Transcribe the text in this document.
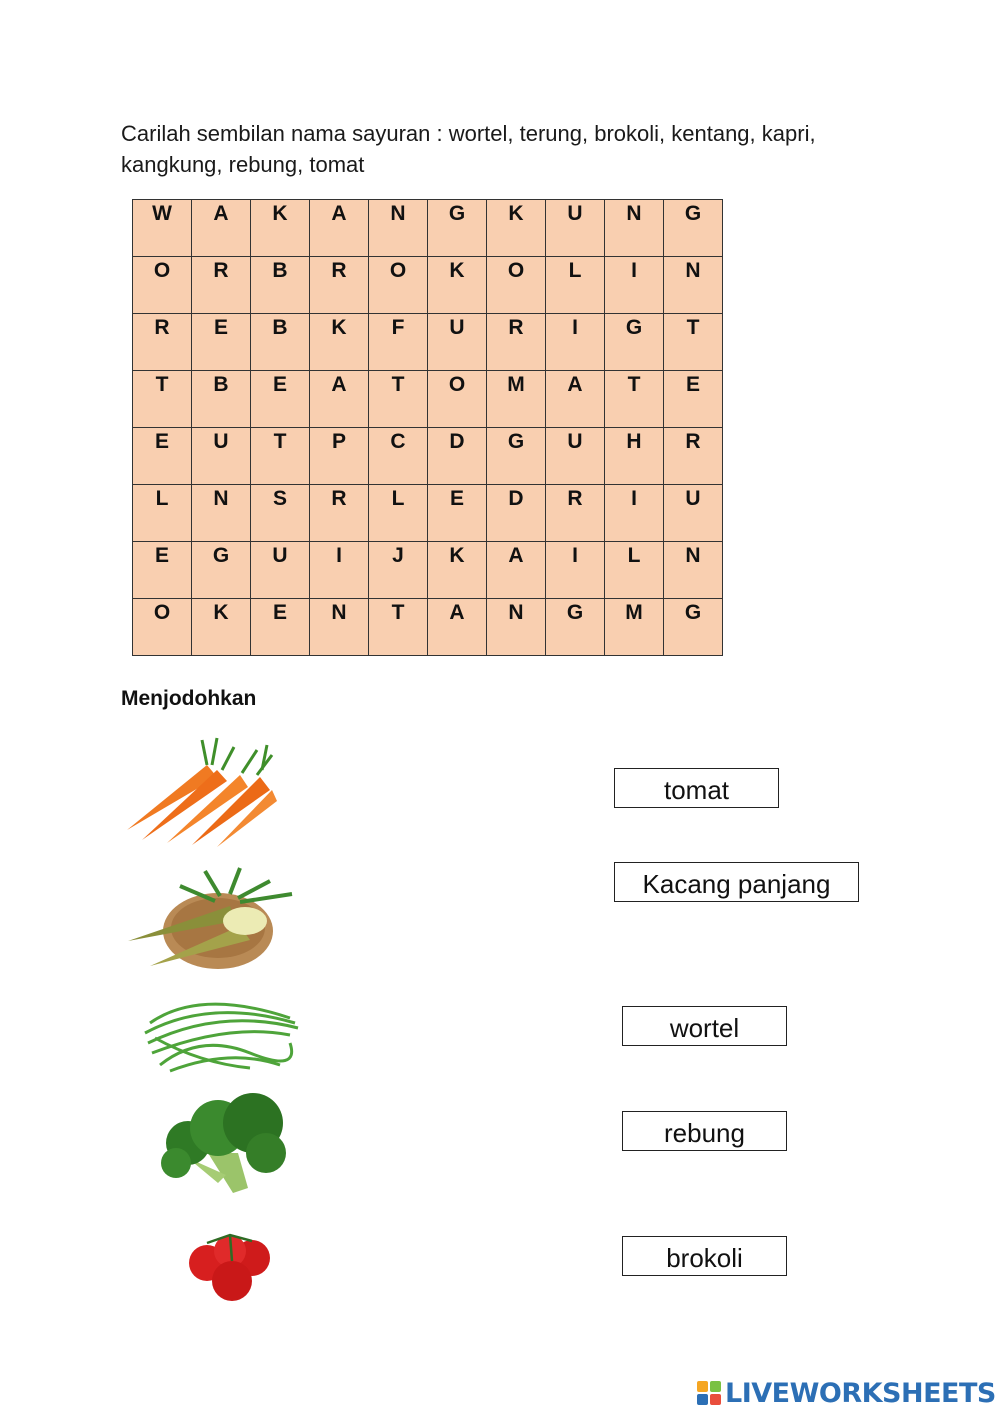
Carilah sembilan nama sayuran : wortel, terung, brokoli, kentang, kapri, kangkung, rebung, tomat
W	A	K	A	N	G	K	U	N	G
O	R	B	R	O	K	O	L	I	N
R	E	B	K	F	U	R	I	G	T
T	B	E	A	T	O	M	A	T	E
E	U	T	P	C	D	G	U	H	R
L	N	S	R	L	E	D	R	I	U
E	G	U	I	J	K	A	I	L	N
O	K	E	N	T	A	N	G	M	G
Menjodohkan
tomat
Kacang panjang
wortel
rebung
brokoli
LIVEWORKSHEETS
